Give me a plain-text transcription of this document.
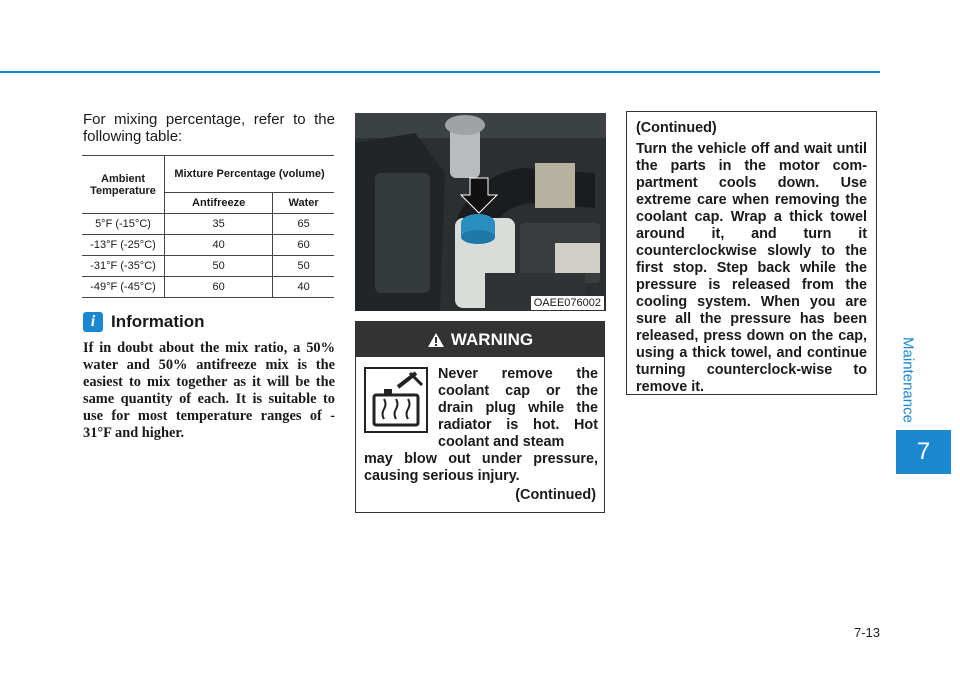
Maintenance
7
For mixing percentage, refer to the following table:
Ambient Temperature	Mixture Percentage (volume)	
	Antifreeze	Water
5°F (-15°C)	35	65
-13°F (-25°C)	40	60
-31°F (-35°C)	50	50
-49°F (-45°C)	60	40
i Information
If in doubt about the mix ratio, a 50% water and 50% antifreeze mix is the easiest to mix together as it will be the same quantity of each. It is suitable to use for most temperature ranges of - 31°F and higher.
OAEE076002
WARNING
Never remove the coolant cap or the drain plug while the radiator is hot. Hot coolant and steam
may blow out under pressure, causing serious injury.
(Continued)
(Continued)
Turn the vehicle off and wait until the parts in the motor com-partment cools down. Use extreme care when removing the coolant cap. Wrap a thick towel around it, and turn it counterclockwise slowly to the first stop. Step back while the pressure is released from the cooling system. When you are sure all the pressure has been released, press down on the cap, using a thick towel, and continue turning counterclock-wise to remove it.
7-13
